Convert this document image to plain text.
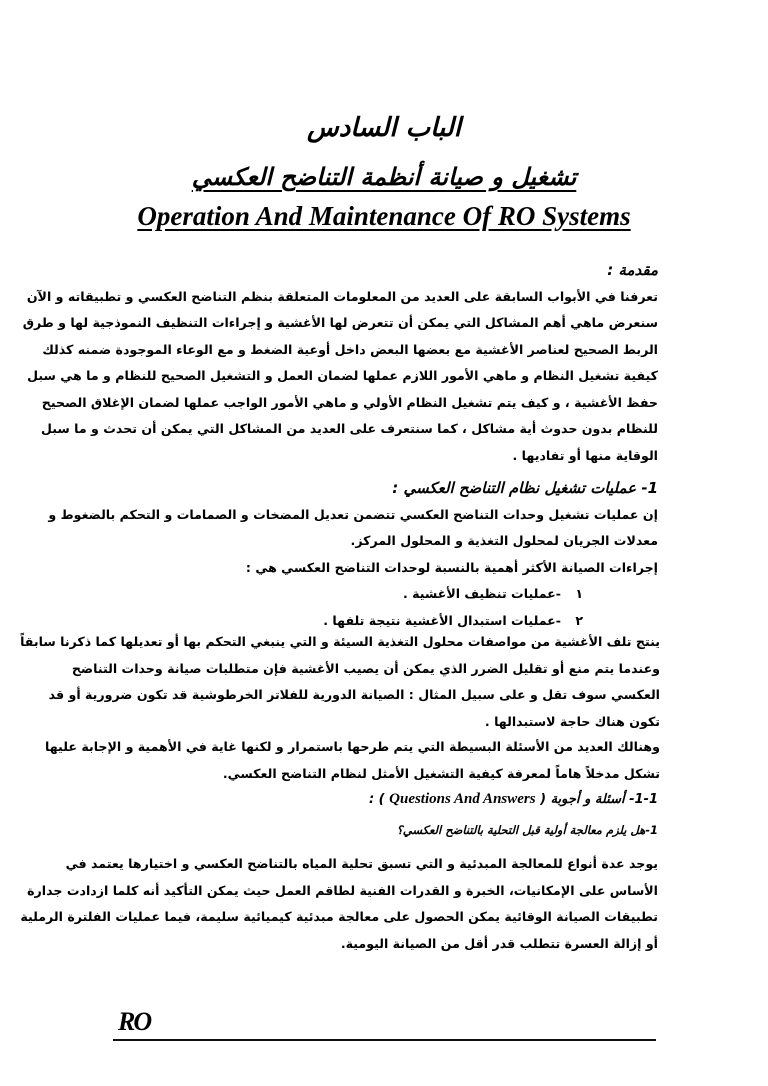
الباب السادس
تشغيل و صيانة أنظمة التناضح العكسي
Operation And Maintenance Of RO Systems
مقدمة :
تعرفنا في الأبواب السابقة على العديد من المعلومات المتعلقة بنظم التناضح العكسي و تطبيقاته و الآن
سنعرض ماهي أهم المشاكل التي يمكن أن تتعرض لها الأغشية و إجراءات التنظيف النموذجية لها و طرق
الربط الصحيح لعناصر الأغشية مع بعضها البعض داخل أوعية الضغط و مع الوعاء الموجودة ضمنه كذلك
كيفية تشغيل النظام و ماهي الأمور اللازم عملها لضمان العمل و التشغيل الصحيح للنظام و ما هي سبل
حفظ الأغشية ، و كيف يتم تشغيل النظام الأولي و ماهي الأمور الواجب عملها لضمان الإغلاق الصحيح
للنظام بدون حدوث أية مشاكل ، كما سنتعرف على العديد من المشاكل التي يمكن أن تحدث و ما سبل
الوقاية منها أو تفاديها .
1- عمليات تشغيل نظام التناضح العكسي :
إن عمليات تشغيل وحدات التناضح العكسي تتضمن تعديل المضخات و الصمامات و التحكم بالضغوط و
معدلات الجريان لمحلول التغذية و المحلول المركز.
إجراءات الصيانة الأكثر أهمية بالنسبة لوحدات التناضح العكسي هي :
١-عمليات تنظيف الأغشية .
٢-عمليات استبدال الأغشية نتيجة تلفها .
ينتج تلف الأغشية من مواصفات محلول التغذية السيئة و التي ينبغي التحكم بها أو تعديلها كما ذكرنا سابقاً
وعندما يتم منع أو تقليل الضرر الذي يمكن أن يصيب الأغشية فإن متطلبات صيانة وحدات التناضح
العكسي سوف تقل و على سبيل المثال : الصيانة الدورية للفلاتر الخرطوشية قد تكون ضرورية أو قد
تكون هناك حاجة لاستبدالها .
وهنالك العديد من الأسئلة البسيطة التي يتم طرحها باستمرار و لكنها غاية في الأهمية و الإجابة عليها
تشكل مدخلاً هاماً لمعرفة كيفية التشغيل الأمثل لنظام التناضح العكسي.
1-1- أسئلة و أجوبة ( Questions And Answers ) :
1-هل يلزم معالجة أولية قبل التحلية بالتناضح العكسي؟
يوجد عدة أنواع للمعالجة المبدئية و التي تسبق تحلية المياه بالتناضح العكسي و اختيارها يعتمد في
الأساس على الإمكانيات، الخبرة و القدرات الفنية لطاقم العمل حيث يمكن التأكيد أنه كلما ازدادت جدارة
تطبيقات الصيانة الوقائية يمكن الحصول على معالجة مبدئية كيميائية سليمة، فيما عمليات الفلترة الرملية
أو إزالة العسرة تتطلب قدر أقل من الصيانة اليومية.
RO
